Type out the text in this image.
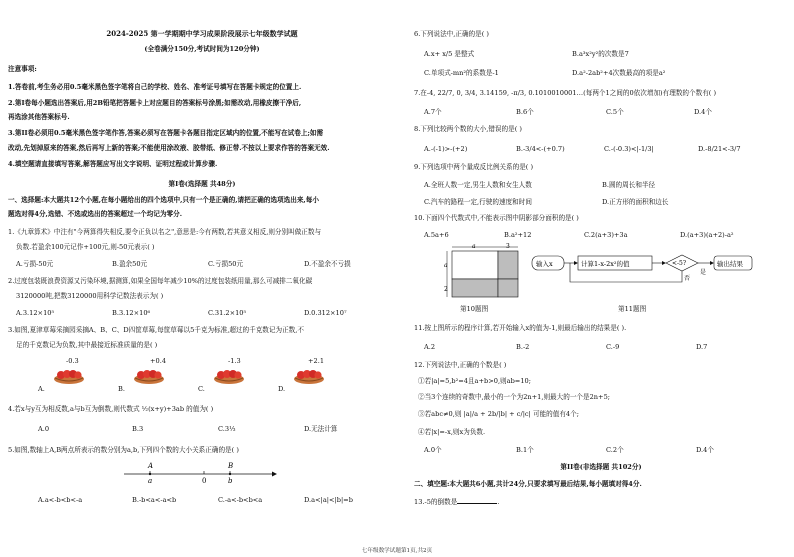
2024-2025 第一学期期中学习成果阶段展示七年级数学试题
(全卷满分150分,考试时间为120分钟)
注意事项:
1.答卷前,考生务必用0.5毫米黑色签字笔将自己的学校、姓名、准考证号填写在答题卡规定的位置上.
2.第I卷每小题选出答案后,用2B铅笔把答题卡上对应题目的答案标号涂黑;如需改动,用橡皮擦干净后,
再选涂其他答案标号.
3.第II卷必须用0.5毫米黑色签字笔作答,答案必须写在答题卡各题目指定区域内的位置,不能写在试卷上;如需
改动,先划掉原来的答案,然后再写上新的答案;不能使用涂改液、胶带纸、修正带.不按以上要求作答的答案无效.
4.填空题请直接填写答案,解答题应写出文字说明、证明过程或计算步骤.
第I卷(选择题 共48分)
一、选择题:本大题共12个小题,在每小题给出的四个选项中,只有一个是正确的,请把正确的选项选出来,每小
题选对得4分,选错、不选或选出的答案超过一个均记为零分.
1.《九章算术》中注有"今两算得失相反,要令正负以名之",意思是:今有两数,若其意义相反,则分别叫做正数与
负数.若盈余100元记作+100元,则-50元表示( )
A.亏损-50元	B.盈余50元	C.亏损50元	D.不盈余不亏损
2.过度包装既浪费资源又污染环境,据测算,如果全国每年减少10%的过度包装纸用量,那么可减排二氧化碳
3120000吨,把数3120000用科学记数法表示为( )
A.3.12×10⁵	B.3.12×10⁶	C.31.2×10⁵	D.0.312×10⁷
3.如图,夏津草莓采摘园采摘A、B、C、D四筐草莓,每筐草莓以5千克为标准,超过的千克数记为正数,不
足的千克数记为负数,其中最接近标准质量的是( )
-0.3	+0.4	-1.3	+2.1
A.	B.	C.	D.
4.若x与y互为相反数,a与b互为倒数,则代数式 ½(x+y)+3ab 的值为( )
A.0	B.3	C.3⅓	D.无法计算
5.如图,数轴上A,B两点所表示的数分别为a,b,下列四个数的大小关系正确的是( )
A	B
a	0	b
A.a<-b<b<-a	B.-b<a<-a<b	C.-a<-b<b<a	D.a<|a|<|b|=b
6.下列说法中,正确的是( )
A.x+ x/5 是整式	B.a³x²y²的次数是7
C.单项式-mn²的系数是-1	D.a²-2ab²+4次数最高的项是a²
7.在-4, 22/7, 0, 3/4, 3.14159, -π/3, 0.1010010001…(每两个1之间的0依次增加)有理数的个数有( )
A.7个	B.6个	C.5个	D.4个
8.下列比较两个数的大小,错误的是( )
A.-(-1)>-(+2)	B.-3/4<-(+0.7)	C.-(-0.3)<|-1/3|	D.-8/21<-3/7
9.下列选项中两个量成反比例关系的是( )
A.全班人数一定,男生人数和女生人数	B.圆的周长和半径
C.汽车的路程一定,行驶的速度和时间	D.正方形的面积和边长
10.下面四个代数式中,不能表示图中阴影部分面积的是( )
A.5a+6	B.a²+12	C.2(a+3)+3a	D.(a+3)(a+2)-a²
a	3
a
2
第10题图
输入x	计算1-x-2x²的值	<-5?
是
输出结果
否
第11题图
11.按上图所示的程序计算,若开始输入x的值为-1,则最后输出的结果是( ).
A.2	B.-2	C.-9	D.7
12.下列说法中,正确的个数是( )
①若|a|=5,b²=4且a+b>0,则ab=10;
②当3个连续的奇数中,最小的一个为2n+1,则最大的一个是2n+5;
③若abc≠0,则 |a|/a + 2b/|b| + c/|c| 可能的值有4个;
④若|x|=-x,则x为负数.
A.0个	B.1个	C.2个	D.4个
第II卷(非选择题 共102分)
二、填空题:本大题共6小题,共计24分,只要求填写最后结果,每小题填对得4分.
13.-5的倒数是	.
七年级数学试题第1页,共2页
